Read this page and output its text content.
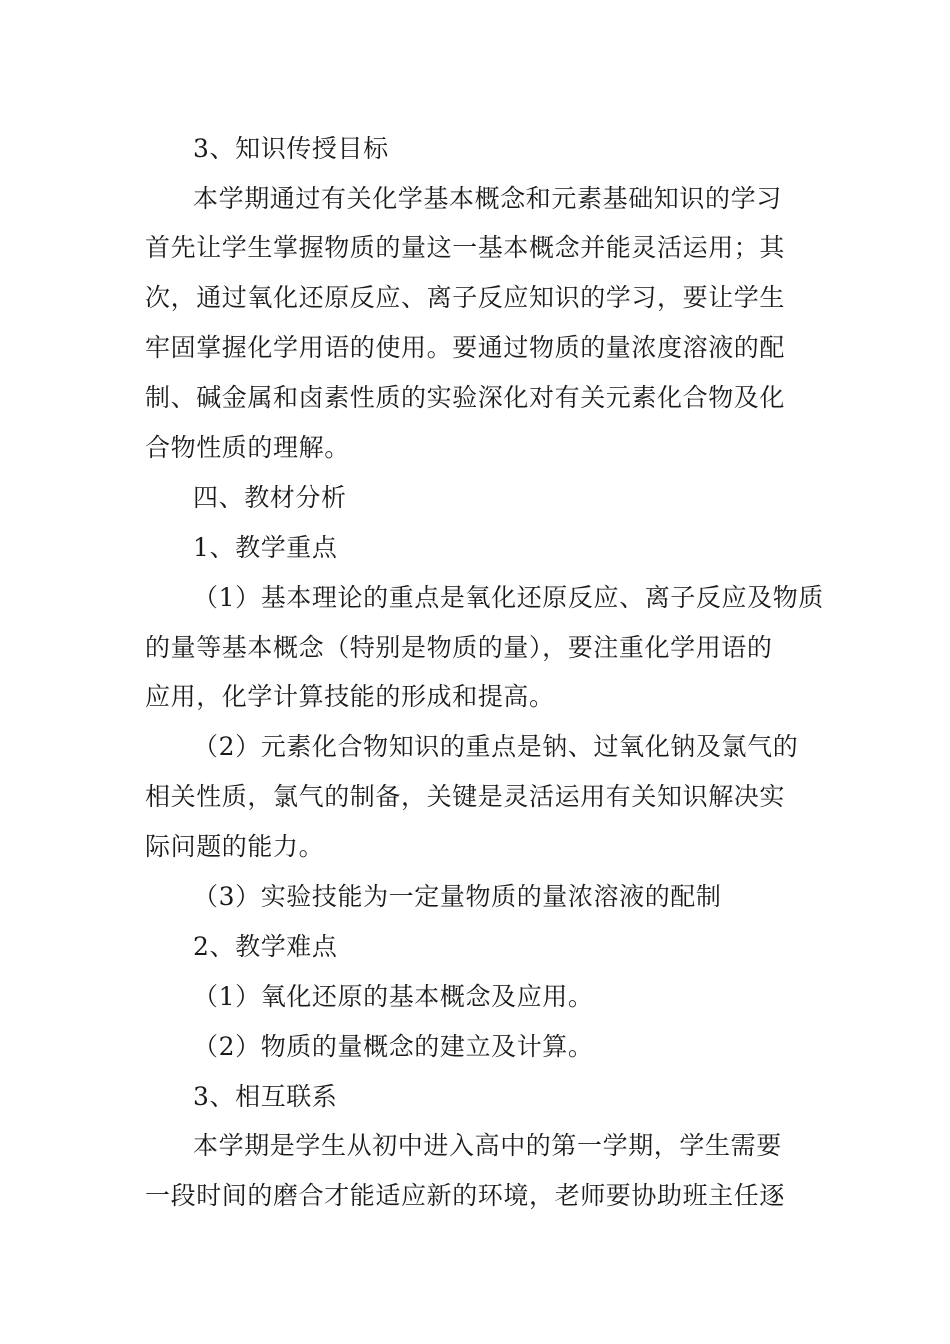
3、知识传授目标
本学期通过有关化学基本概念和元素基础知识的学习
首先让学生掌握物质的量这一基本概念并能灵活运用；其
次，通过氧化还原反应、离子反应知识的学习，要让学生
牢固掌握化学用语的使用。要通过物质的量浓度溶液的配
制、碱金属和卤素性质的实验深化对有关元素化合物及化
合物性质的理解。
四、教材分析
1、教学重点
（1）基本理论的重点是氧化还原反应、离子反应及物质
的量等基本概念（特别是物质的量），要注重化学用语的
应用，化学计算技能的形成和提高。
（2）元素化合物知识的重点是钠、过氧化钠及氯气的
相关性质，氯气的制备，关键是灵活运用有关知识解决实
际问题的能力。
（3）实验技能为一定量物质的量浓溶液的配制
2、教学难点
（1）氧化还原的基本概念及应用。
（2）物质的量概念的建立及计算。
3、相互联系
本学期是学生从初中进入高中的第一学期，学生需要
一段时间的磨合才能适应新的环境，老师要协助班主任逐
